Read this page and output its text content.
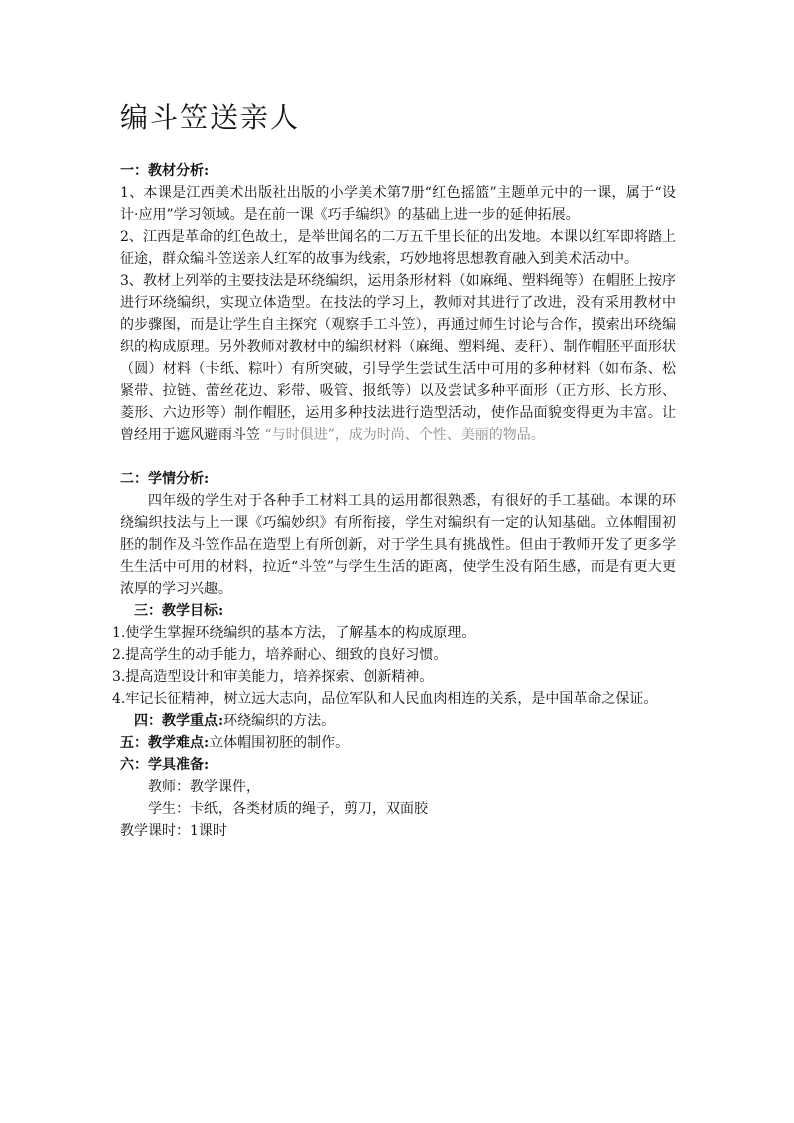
编斗笠送亲人

一：教材分析:

1、本课是江西美术出版社出版的小学美术第7册“红色摇篮”主题单元中的一课，属于“设计·应用”学习领域。是在前一课《巧手编织》的基础上进一步的延伸拓展。

2、江西是革命的红色故土，是举世闻名的二万五千里长征的出发地。本课以红军即将踏上征途，群众编斗笠送亲人红军的故事为线索，巧妙地将思想教育融入到美术活动中。

3、教材上列举的主要技法是环绕编织，运用条形材料（如麻绳、塑料绳等）在帽胚上按序进行环绕编织，实现立体造型。在技法的学习上，教师对其进行了改进，没有采用教材中的步骤图，而是让学生自主探究（观察手工斗笠），再通过师生讨论与合作，摸索出环绕编织的构成原理。另外教师对教材中的编织材料（麻绳、塑料绳、麦秆）、制作帽胚平面形状（圆）材料（卡纸、粽叶）有所突破，引导学生尝试生活中可用的多种材料（如布条、松紧带、拉链、蕾丝花边、彩带、吸管、报纸等）以及尝试多种平面形（正方形、长方形、菱形、六边形等）制作帽胚，运用多种技法进行造型活动，使作品面貌变得更为丰富。让曾经用于遮风避雨斗笠 “与时俱进”，成为时尚、个性、美丽的物品。

二：学情分析:

四年级的学生对于各种手工材料工具的运用都很熟悉，有很好的手工基础。本课的环绕编织技法与上一课《巧编妙织》有所衔接，学生对编织有一定的认知基础。立体帽围初胚的制作及斗笠作品在造型上有所创新，对于学生具有挑战性。但由于教师开发了更多学生生活中可用的材料，拉近“斗笠”与学生生活的距离，使学生没有陌生感，而是有更大更浓厚的学习兴趣。

三：教学目标:

1.使学生掌握环绕编织的基本方法，了解基本的构成原理。

2.提高学生的动手能力，培养耐心、细致的良好习惯。

3.提高造型设计和审美能力，培养探索、创新精神。

4.牢记长征精神，树立远大志向，品位军队和人民血肉相连的关系，是中国革命之保证。

四：教学重点:环绕编织的方法。

五：教学难点:立体帽围初胚的制作。

六：学具准备:

教师：教学课件，

学生：卡纸，各类材质的绳子，剪刀，双面胶

教学课时：1课时
